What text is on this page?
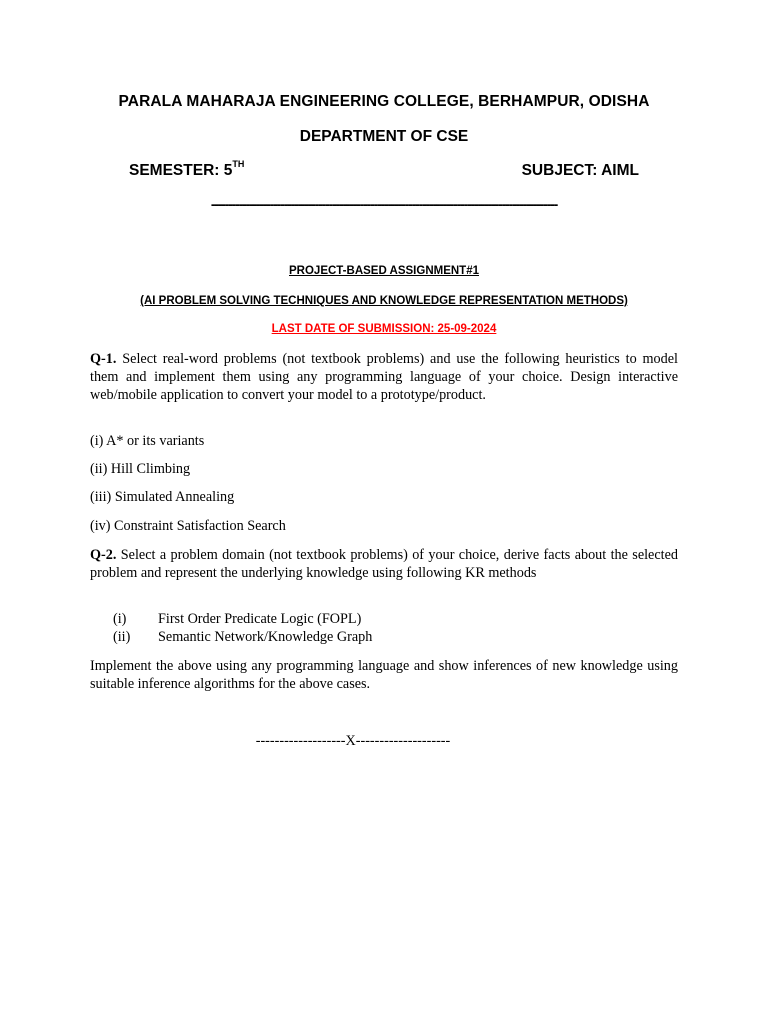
PARALA MAHARAJA ENGINEERING COLLEGE, BERHAMPUR, ODISHA
DEPARTMENT OF CSE
SEMESTER: 5TH	SUBJECT: AIML
----------------------------------------------------------------------------------------------------
PROJECT-BASED ASSIGNMENT#1
(AI PROBLEM SOLVING TECHNIQUES AND KNOWLEDGE REPRESENTATION METHODS)
LAST DATE OF SUBMISSION: 25-09-2024
Q-1. Select real-word problems (not textbook problems) and use the following heuristics to model them and implement them using any programming language of your choice. Design interactive web/mobile application to convert your model to a prototype/product.
(i) A* or its variants
(ii) Hill Climbing
(iii) Simulated Annealing
(iv) Constraint Satisfaction Search
Q-2. Select a problem domain (not textbook problems) of your choice, derive facts about the selected problem and represent the underlying knowledge using following KR methods
(i) First Order Predicate Logic (FOPL)
(ii) Semantic Network/Knowledge Graph
Implement the above using any programming language and show inferences of new knowledge using suitable inference algorithms for the above cases.
-------------------X--------------------
